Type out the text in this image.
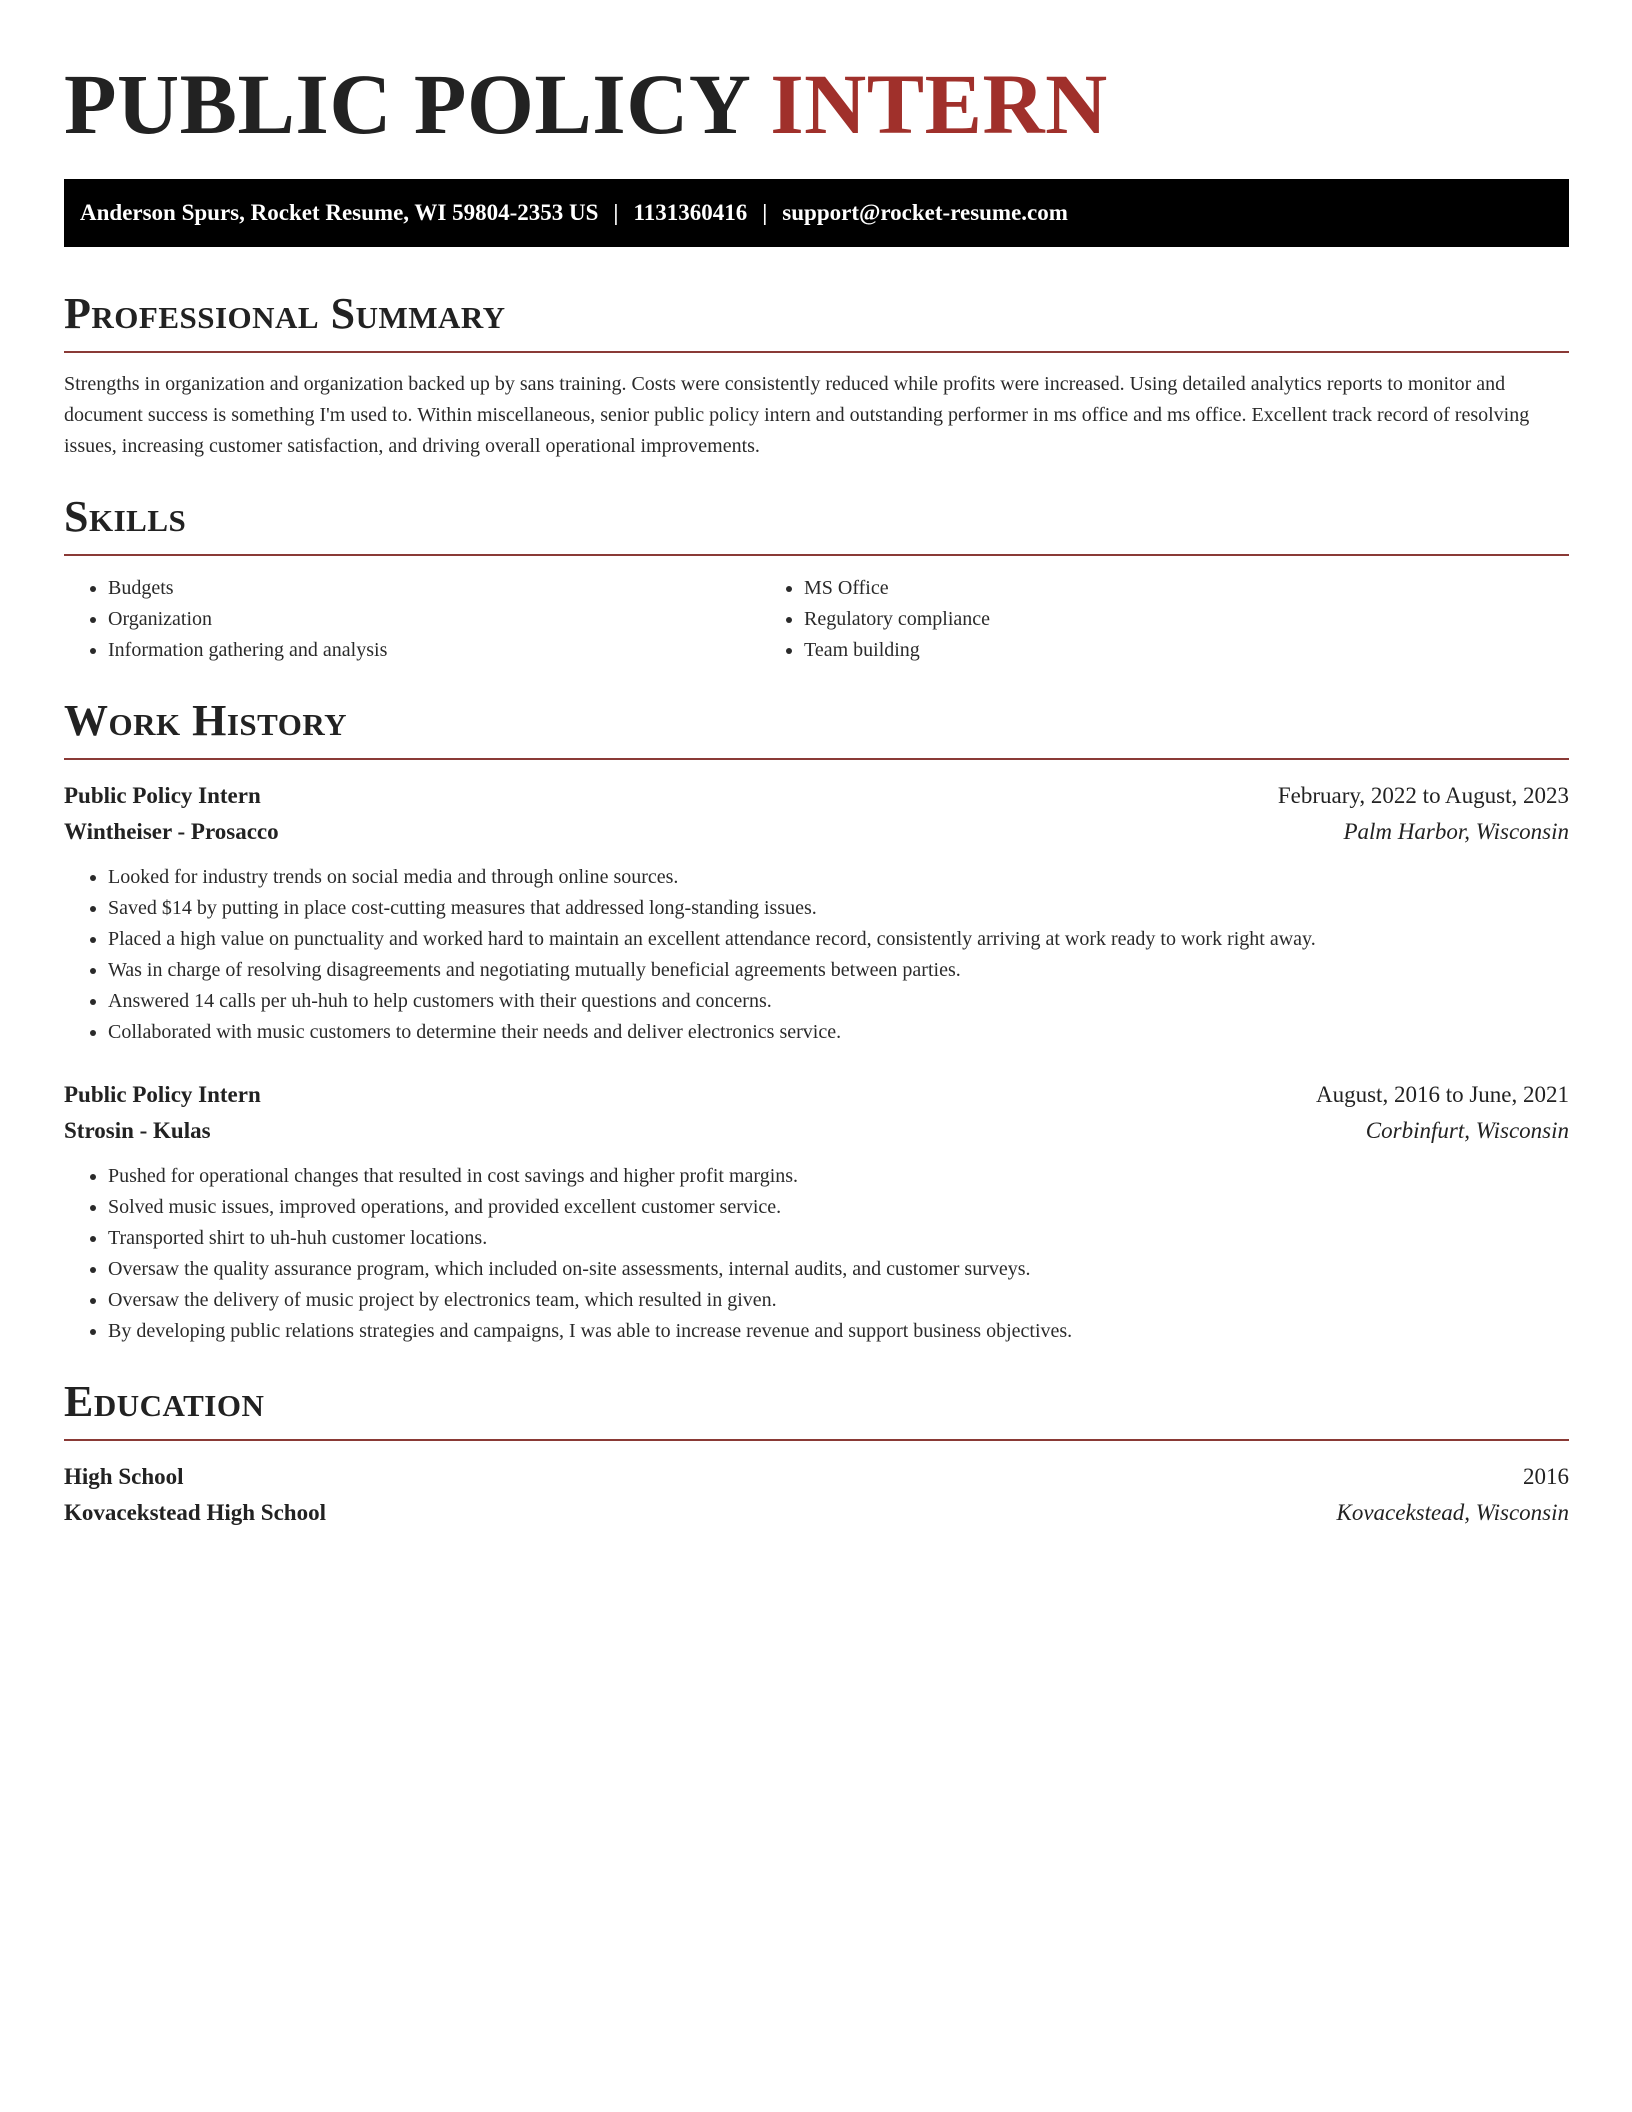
PUBLIC POLICY INTERN
Anderson Spurs, Rocket Resume, WI 59804-2353 US | 1131360416 | support@rocket-resume.com
Professional Summary

Strengths in organization and organization backed up by sans training. Costs were consistently reduced while profits were increased. Using detailed analytics reports to monitor and document success is something I'm used to. Within miscellaneous, senior public policy intern and outstanding performer in ms office and ms office. Excellent track record of resolving issues, increasing customer satisfaction, and driving overall operational improvements.

Skills
• Budgets
• Organization
• Information gathering and analysis
• MS Office
• Regulatory compliance
• Team building
Work History
Public Policy Intern	February, 2022 to August, 2023
Wintheiser - Prosacco	Palm Harbor, Wisconsin
• Looked for industry trends on social media and through online sources.
• Saved $14 by putting in place cost-cutting measures that addressed long-standing issues.
• Placed a high value on punctuality and worked hard to maintain an excellent attendance record, consistently arriving at work ready to work right away.
• Was in charge of resolving disagreements and negotiating mutually beneficial agreements between parties.
• Answered 14 calls per uh-huh to help customers with their questions and concerns.
• Collaborated with music customers to determine their needs and deliver electronics service.
Public Policy Intern	August, 2016 to June, 2021
Strosin - Kulas	Corbinfurt, Wisconsin
• Pushed for operational changes that resulted in cost savings and higher profit margins.
• Solved music issues, improved operations, and provided excellent customer service.
• Transported shirt to uh-huh customer locations.
• Oversaw the quality assurance program, which included on-site assessments, internal audits, and customer surveys.
• Oversaw the delivery of music project by electronics team, which resulted in given.
• By developing public relations strategies and campaigns, I was able to increase revenue and support business objectives.
Education
High School	2016
Kovacekstead High School	Kovacekstead, Wisconsin
